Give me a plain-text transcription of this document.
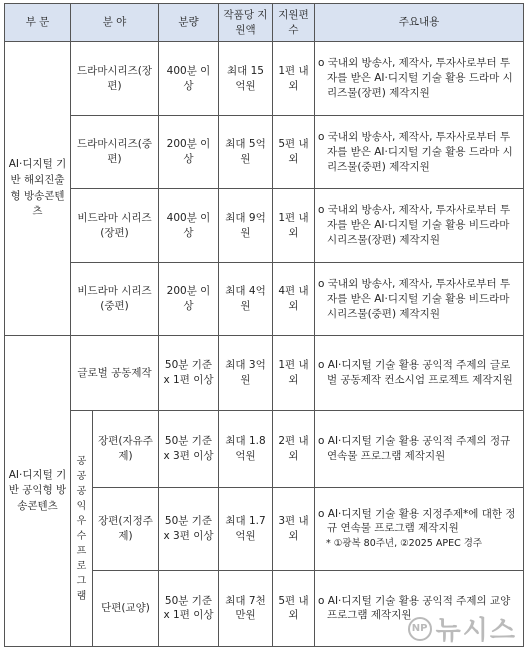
부 문	분 야		분량	작품당 지원액	지원편수	주요내용
AI·디지털 기반 해외진출형 방송콘텐츠	드라마시리즈(장편)		400분 이상	최대 15억원	1편 내외	o 국내외 방송사, 제작사, 투자사로부터 투자를 받은 AI·디지털 기술 활용 드라마 시리즈물(장편) 제작지원

	드라마시리즈(중편)		200분 이상	최대 5억원	5편 내외	o 국내외 방송사, 제작사, 투자사로부터 투자를 받은 AI·디지털 기술 활용 드라마 시리즈물(중편) 제작지원

	비드라마 시리즈(장편)		400분 이상	최대 9억원	1편 내외	o 국내외 방송사, 제작사, 투자사로부터 투자를 받은 AI·디지털 기술 활용 비드라마 시리즈물(장편) 제작지원

	비드라마 시리즈(중편)		200분 이상	최대 4억원	4편 내외	o 국내외 방송사, 제작사, 투자사로부터 투자를 받은 AI·디지털 기술 활용 비드라마 시리즈물(중편) 제작지원

AI·디지털 기반 공익형 방송콘텐츠	글로벌 공동제작		50분 기준 x 1편 이상	최대 3억원	1편 내외	o AI·디지털 기술 활용 공익적 주제의 글로벌 공동제작 컨소시엄 프로젝트 제작지원

	공공공익우수프로그램	장편(자유주제)	50분 기준 x 3편 이상	최대 1.8억원	2편 내외	o AI·디지털 기술 활용 공익적 주제의 정규 연속물 프로그램 제작지원

		장편(지정주제)	50분 기준 x 3편 이상	최대 1.7억원	3편 내외	o AI·디지털 기술 활용 지정주제*에 대한 정규 연속물 프로그램 제작지원
* ①광복 80주년, ②2025 APEC 경주

		단편(교양)	50분 기준 x 1편 이상	최대 7천만원	5편 내외	o AI·디지털 기술 활용 공익적 주제의 교양 프로그램 제작지원
NP 뉴시스
